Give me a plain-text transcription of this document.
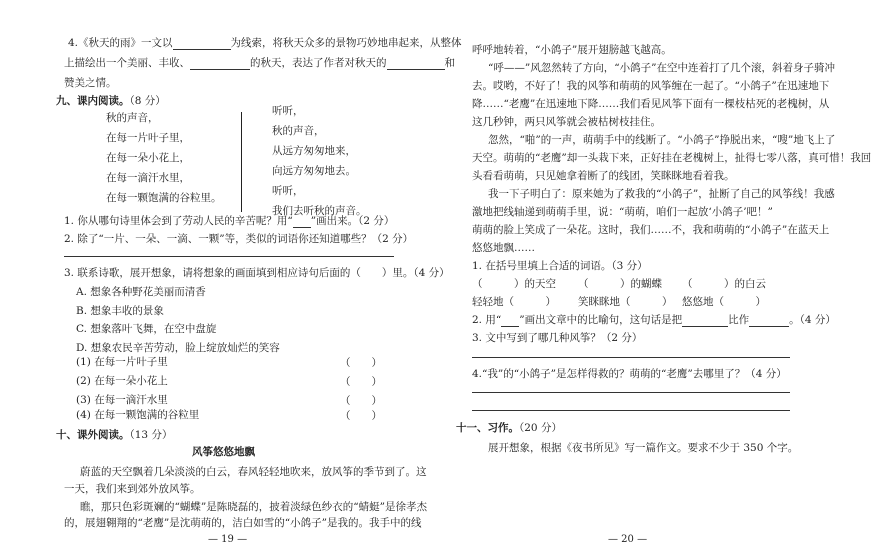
4.《秋天的雨》一文以	为线索，将秋天众多的景物巧妙地串起来，从整体
上描绘出一个美丽、丰收、	的秋天，表达了作者对秋天的	和
赞美之情。
九、课内阅读。（8 分）
秋的声音，
在每一片叶子里，
在每一朵小花上，
在每一滴汗水里，
在每一颗饱满的谷粒里。
听听，
秋的声音，
从远方匆匆地来，
向远方匆匆地去。
听听，
我们去听秋的声音。
1. 你从哪句诗里体会到了劳动人民的辛苦呢？用“ ”画出来。（2 分）
2. 除了“一片、一朵、一滴、一颗”等，类似的词语你还知道哪些？（2 分）
3. 联系诗歌，展开想象，请将想象的画面填到相应诗句后面的（　　）里。（4 分）
A. 想象各种野花美丽而清香
B. 想象丰收的景象
C. 想象落叶飞舞，在空中盘旋
D. 想象农民辛苦劳动，脸上绽放灿烂的笑容
(1) 在每一片叶子里	（　　）
(2) 在每一朵小花上	（　　）
(3) 在每一滴汗水里	（　　）
(4) 在每一颗饱满的谷粒里	（　　）
十、课外阅读。（13 分）
风筝悠悠地飘
蔚蓝的天空飘着几朵淡淡的白云，春风轻轻地吹来，放风筝的季节到了。这
一天，我们来到郊外放风筝。
瞧，那只色彩斑斓的“蝴蝶”是陈晓磊的，披着淡绿色纱衣的“蜻蜓”是徐孝杰
的，展翅翱翔的“老鹰”是沈萌萌的，洁白如雪的“小鸽子”是我的。我手中的线
— 19 —
呼呼地转着，“小鸽子”展开翅膀越飞越高。
“呼——”风忽然转了方向，“小鸽子”在空中连着打了几个滚，斜着身子骑冲
去。哎哟，不好了！我的风筝和萌萌的风筝缠在一起了。“小鸽子”在迅速地下
降……“老鹰”在迅速地下降……我们看见风筝下面有一棵枝枯死的老槐树，从
这几秒钟，两只风筝就会被枯树枝挂住。
忽然，“啪”的一声，萌萌手中的线断了。“小鸽子”挣脱出来，“嗖”地飞上了
天空。萌萌的“老鹰”却一头栽下来，正好挂在老槐树上，扯得七零八落，真可惜！我回
头看看萌萌，只见她拿着断了的线团，笑眯眯地看着我。
我一下子明白了：原来她为了救我的“小鸽子”，扯断了自己的风筝线！我感
激地把线轴递到萌萌手里，说：“萌萌，咱们一起放‘小鸽子’吧！”
萌萌的脸上笑成了一朵花。这时，我们……不，我和萌萌的“小鸽子”在蓝天上
悠悠地飘……
1. 在括号里填上合适的词语。（3 分）
（　　　）的天空 （　　　）的蝴蝶 （　　　）的白云
轻轻地（　　　） 笑眯眯地（　　　） 悠悠地（　　　）
2. 用“ ”画出文章中的比喻句，这句话是把	比作	。（4 分）
3. 文中写到了哪几种风筝？（2 分）
4.“我”的“小鸽子”是怎样得救的？萌萌的“老鹰”去哪里了？（4 分）
十一、习作。（20 分）
展开想象，根据《夜书所见》写一篇作文。要求不少于 350 个字。
— 20 —
